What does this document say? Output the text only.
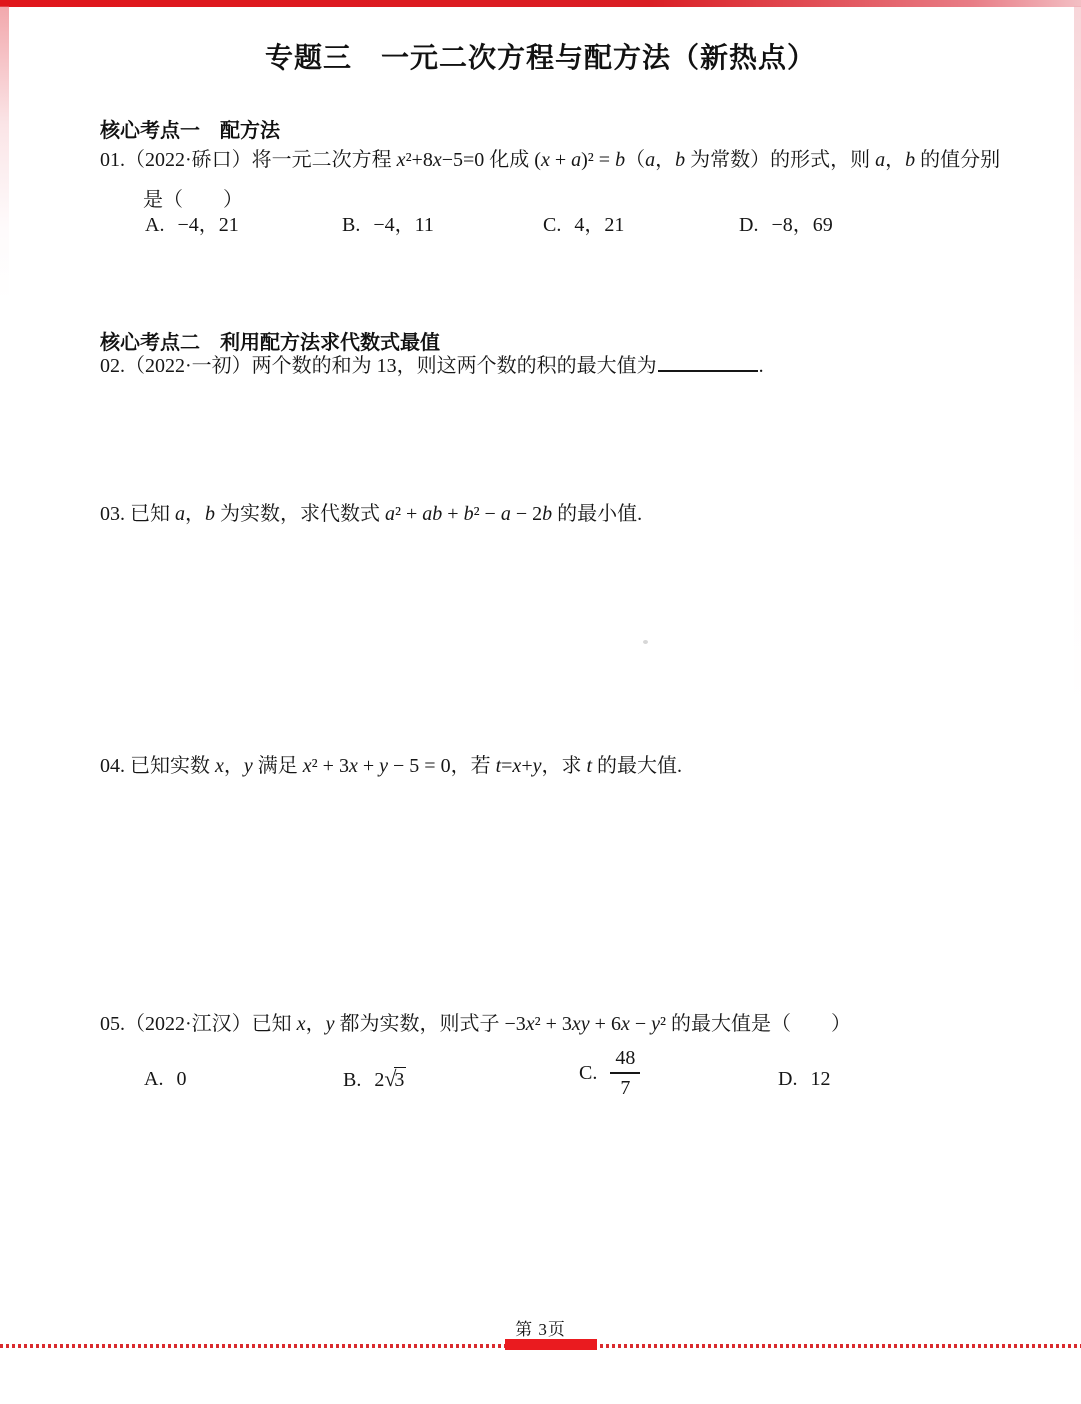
专题三　一元二次方程与配方法（新热点）
核心考点一　配方法
01.（2022·硚口）将一元二次方程 x²+8x−5=0 化成 (x + a)² = b（a，b 为常数）的形式，则 a，b 的值分别
是（　　）
A. −4，21	B. −4，11	C. 4，21	D. −8，69
核心考点二　利用配方法求代数式最值
02.（2022·一初）两个数的和为 13，则这两个数的积的最大值为	.
03. 已知 a，b 为实数，求代数式 a² + ab + b² − a − 2b 的最小值.
04. 已知实数 x，y 满足 x² + 3x + y − 5 = 0，若 t=x+y，求 t 的最大值.
05.（2022·江汉）已知 x，y 都为实数，则式子 −3x² + 3xy + 6x − y² 的最大值是（　　）
A. 0	B. 2√3	C. $\frac{48}{7}$	D. 12
第 3页
